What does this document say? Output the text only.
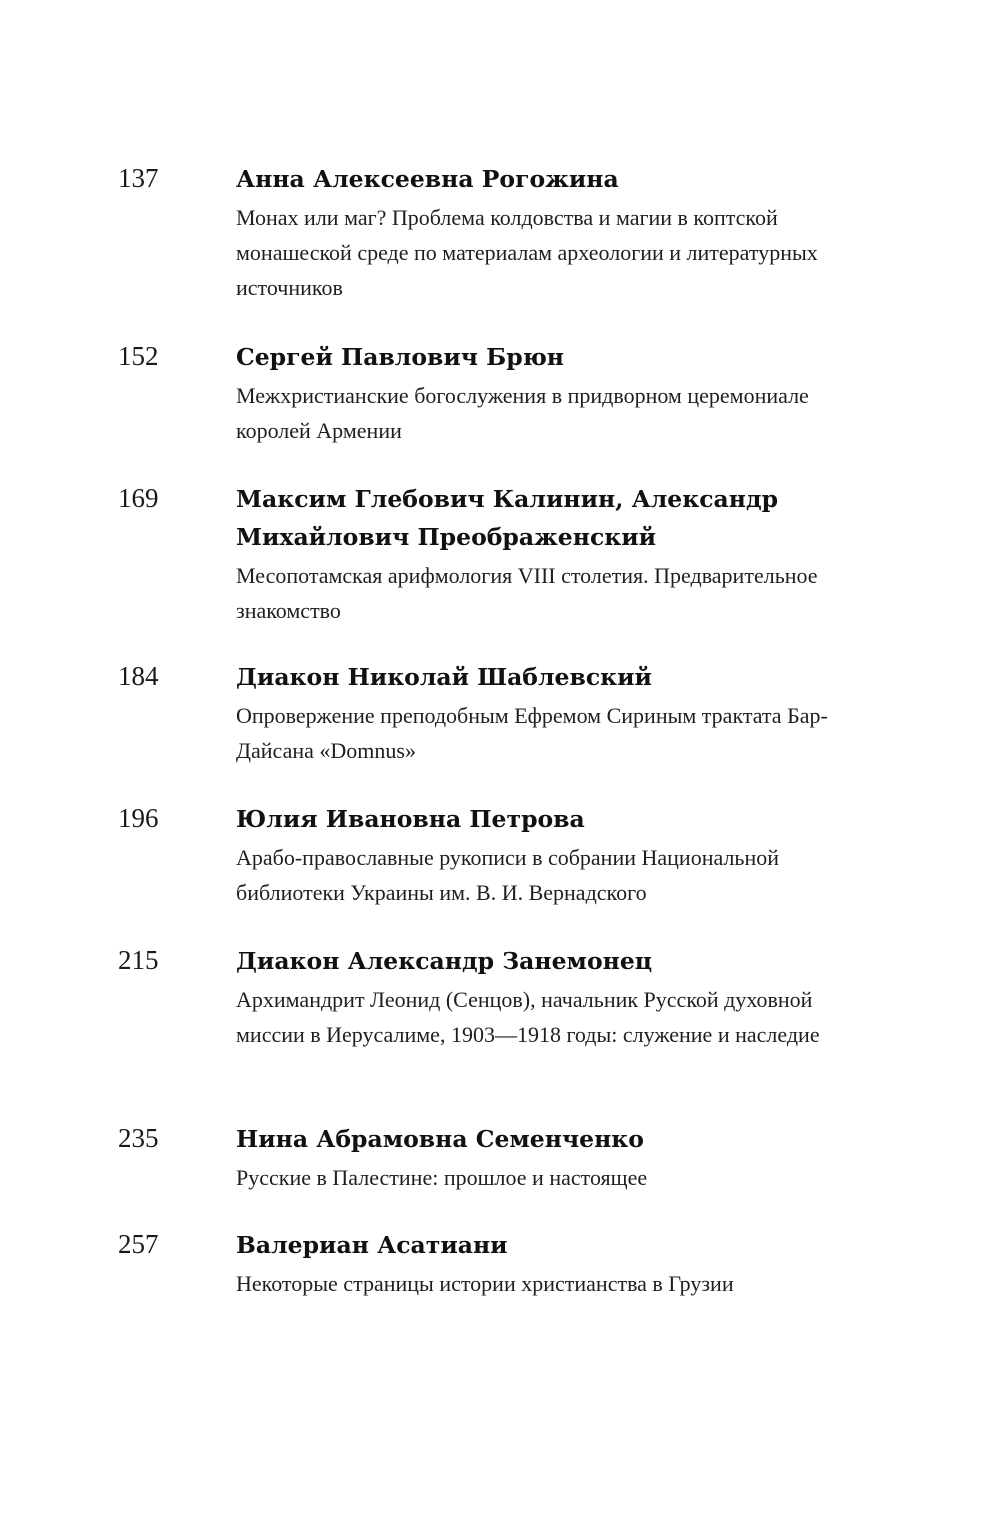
137	Анна Алексеевна Рогожина
Монах или маг? Проблема колдовства и магии в коптской монашеской среде по материалам археологии и литературных источников
152	Сергей Павлович Брюн
Межхристианские богослужения в придворном церемониале королей Армении
169	Максим Глебович Калинин, Александр Михайлович Преображенский
Месопотамская арифмология VIII столетия. Предварительное знакомство
184	Диакон Николай Шаблевский
Опровержение преподобным Ефремом Сириным трактата Бар-Дайсана «Domnus»
196	Юлия Ивановна Петрова
Арабо-православные рукописи в собрании Национальной библиотеки Украины им. В. И. Вернадского
215	Диакон Александр Занемонец
Архимандрит Леонид (Сенцов), начальник Русской духовной миссии в Иерусалиме, 1903—1918 годы: служение и наследие
235	Нина Абрамовна Семенченко
Русские в Палестине: прошлое и настоящее
257	Валериан Асатиани
Некоторые страницы истории христианства в Грузии
